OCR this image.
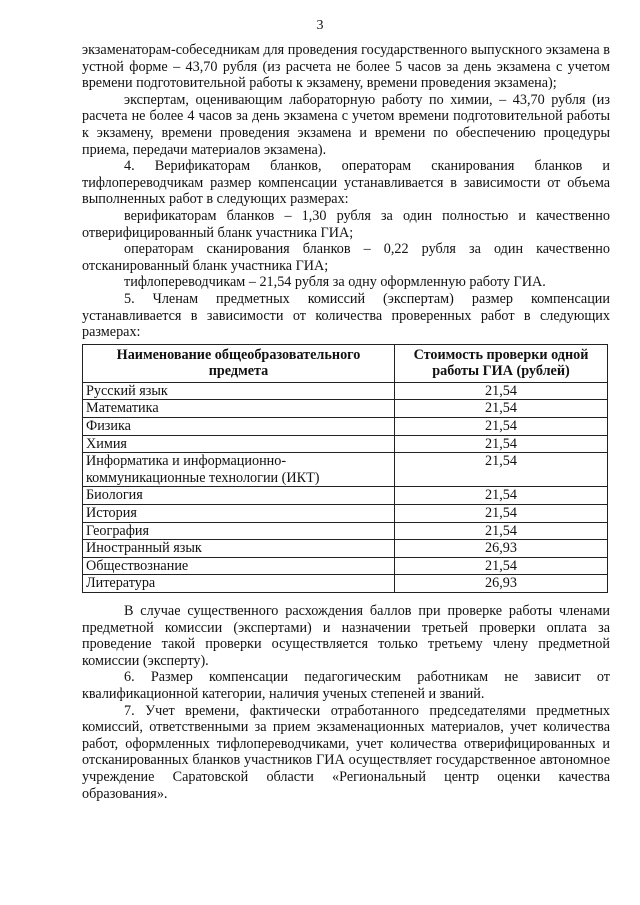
3

экзаменаторам-собеседникам для проведения государственного выпускного экзамена в устной форме – 43,70 рубля (из расчета не более 5 часов за день экзамена с учетом времени подготовительной работы к экзамену, времени проведения экзамена);

экспертам, оценивающим лабораторную работу по химии, – 43,70 рубля (из расчета не более 4 часов за день экзамена с учетом времени подготовительной работы к экзамену, времени проведения экзамена и времени по обеспечению процедуры приема, передачи материалов экзамена).

4. Верификаторам бланков, операторам сканирования бланков и тифлопереводчикам размер компенсации устанавливается в зависимости от объема выполненных работ в следующих размерах:

верификаторам бланков – 1,30 рубля за один полностью и качественно отверифицированный бланк участника ГИА;

операторам сканирования бланков – 0,22 рубля за один качественно отсканированный бланк участника ГИА;

тифлопереводчикам – 21,54 рубля за одну оформленную работу ГИА.

5. Членам предметных комиссий (экспертам) размер компенсации устанавливается в зависимости от количества проверенных работ в следующих размерах:

Наименование общеобразовательного предмета	Стоимость проверки одной работы ГИА (рублей)
Русский язык	21,54
Математика	21,54
Физика	21,54
Химия	21,54
Информатика и информационно-коммуникационные технологии (ИКТ)	21,54
Биология	21,54
История	21,54
География	21,54
Иностранный язык	26,93
Обществознание	21,54
Литература	26,93

В случае существенного расхождения баллов при проверке работы членами предметной комиссии (экспертами) и назначении третьей проверки оплата за проведение такой проверки осуществляется только третьему члену предметной комиссии (эксперту).

6. Размер компенсации педагогическим работникам не зависит от квалификационной категории, наличия ученых степеней и званий.

7. Учет времени, фактически отработанного председателями предметных комиссий, ответственными за прием экзаменационных материалов, учет количества работ, оформленных тифлопереводчиками, учет количества отверифицированных и отсканированных бланков участников ГИА осуществляет государственное автономное учреждение Саратовской области «Региональный центр оценки качества образования».
